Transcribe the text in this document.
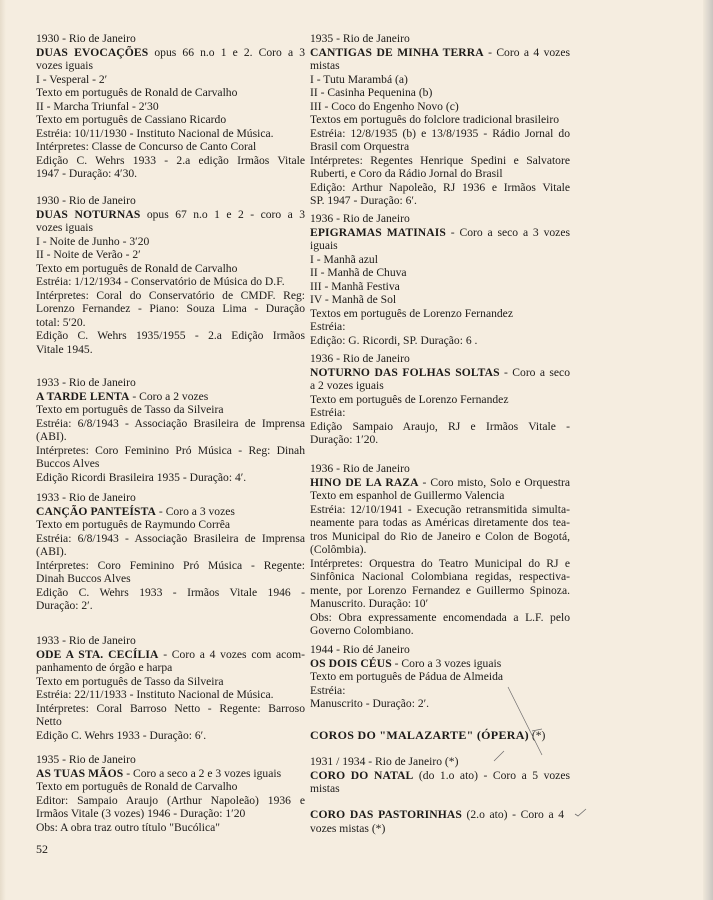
1930 - Rio de Janeiro
DUAS EVOCAÇÕES opus 66 n.o 1 e 2. Coro a 3
vozes iguais
I - Vesperal - 2′
Texto em português de Ronald de Carvalho
II - Marcha Triunfal - 2′30
Texto em português de Cassiano Ricardo
Estréia: 10/11/1930 - Instituto Nacional de Música.
Intérpretes: Classe de Concurso de Canto Coral
Edição C. Wehrs 1933 - 2.a edição Irmãos Vitale
1947 - Duração: 4′30.
1930 - Rio de Janeiro
DUAS NOTURNAS opus 67 n.o 1 e 2 - coro a 3
vozes iguais
I - Noite de Junho - 3′20
II - Noite de Verão - 2′
Texto em português de Ronald de Carvalho
Estréia: 1/12/1934 - Conservatório de Música do D.F.
Intérpretes: Coral do Conservatório de CMDF. Reg:
Lorenzo Fernandez - Piano: Souza Lima - Duração
total: 5′20.
Edição C. Wehrs 1935/1955 - 2.a Edição Irmãos
Vitale 1945.
1933 - Rio de Janeiro
A TARDE LENTA - Coro a 2 vozes
Texto em português de Tasso da Silveira
Estréia: 6/8/1943 - Associação Brasileira de Imprensa
(ABI).
Intérpretes: Coro Feminino Pró Música - Reg: Dinah
Buccos Alves
Edição Ricordi Brasileira 1935 - Duração: 4′.
1933 - Rio de Janeiro
CANÇÃO PANTEÍSTA - Coro a 3 vozes
Texto em português de Raymundo Corrêa
Estréia: 6/8/1943 - Associação Brasileira de Imprensa
(ABI).
Intérpretes: Coro Feminino Pró Música - Regente:
Dinah Buccos Alves
Edição C. Wehrs 1933 - Irmãos Vitale 1946 -
Duração: 2′.
1933 - Rio de Janeiro
ODE A STA. CECÍLIA - Coro a 4 vozes com acom-
panhamento de órgão e harpa
Texto em português de Tasso da Silveira
Estréia: 22/11/1933 - Instituto Nacional de Música.
Intérpretes: Coral Barroso Netto - Regente: Barroso
Netto
Edição C. Wehrs 1933 - Duração: 6′.
1935 - Rio de Janeiro
AS TUAS MÃOS - Coro a seco a 2 e 3 vozes iguais
Texto em português de Ronald de Carvalho
Editor: Sampaio Araujo (Arthur Napoleão) 1936 e
Irmãos Vitale (3 vozes) 1946 - Duração: 1′20
Obs: A obra traz outro título "Bucólica"
52
1935 - Rio de Janeiro
CANTIGAS DE MINHA TERRA - Coro a 4 vozes
mistas
I - Tutu Marambá (a)
II - Casinha Pequenina (b)
III - Coco do Engenho Novo (c)
Textos em português do folclore tradicional brasileiro
Estréia: 12/8/1935 (b) e 13/8/1935 - Rádio Jornal do
Brasil com Orquestra
Intérpretes: Regentes Henrique Spedini e Salvatore
Ruberti, e Coro da Rádio Jornal do Brasil
Edição: Arthur Napoleão, RJ 1936 e Irmãos Vitale
SP. 1947 - Duração: 6′.
1936 - Rio de Janeiro
EPIGRAMAS MATINAIS - Coro a seco a 3 vozes
iguais
I - Manhã azul
II - Manhã de Chuva
III - Manhã Festiva
IV - Manhã de Sol
Textos em português de Lorenzo Fernandez
Estréia:
Edição: G. Ricordi, SP. Duração: 6 .
1936 - Rio de Janeiro
NOTURNO DAS FOLHAS SOLTAS - Coro a seco
a 2 vozes iguais
Texto em português de Lorenzo Fernandez
Estréia:
Edição Sampaio Araujo, RJ e Irmãos Vitale -
Duração: 1′20.
1936 - Rio de Janeiro
HINO DE LA RAZA - Coro misto, Solo e Orquestra
Texto em espanhol de Guillermo Valencia
Estréia: 12/10/1941 - Execução retransmitida simulta-
neamente para todas as Américas diretamente dos tea-
tros Municipal do Rio de Janeiro e Colon de Bogotá,
(Colômbia).
Intérpretes: Orquestra do Teatro Municipal do RJ e
Sinfônica Nacional Colombiana regidas, respectiva-
mente, por Lorenzo Fernandez e Guillermo Spinoza.
Manuscrito. Duração: 10′
Obs: Obra expressamente encomendada a L.F. pelo
Governo Colombiano.
1944 - Rio dé Janeiro
OS DOIS CÉUS - Coro a 3 vozes iguais
Texto em português de Pádua de Almeida
Estréia:
Manuscrito - Duração: 2′.
COROS DO "MALAZARTE" (ÓPERA) (*)
1931 / 1934 - Rio de Janeiro (*)
CORO DO NATAL (do 1.o ato) - Coro a 5 vozes
mistas
CORO DAS PASTORINHAS (2.o ato) - Coro a 4
vozes mistas (*)
